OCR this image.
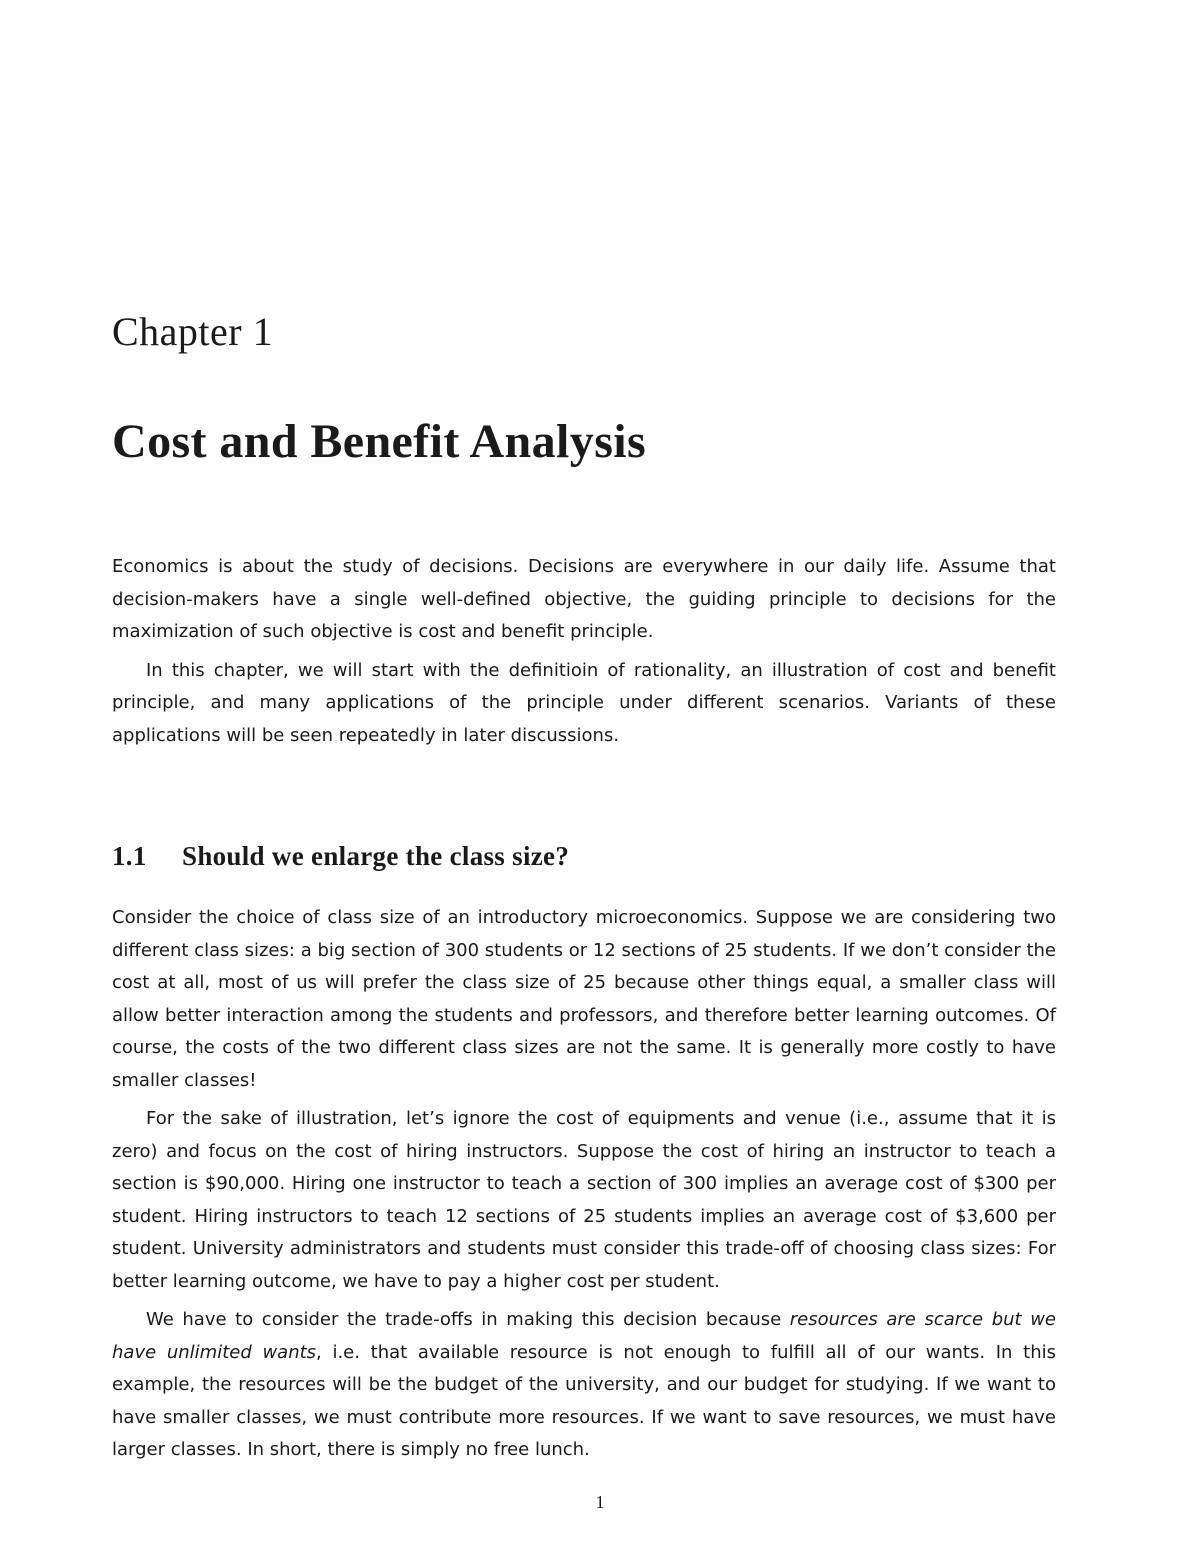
Chapter 1
Cost and Benefit Analysis

Economics is about the study of decisions. Decisions are everywhere in our daily life. Assume that decision-makers have a single well-defined objective, the guiding principle to decisions for the maximization of such objective is cost and benefit principle.

In this chapter, we will start with the definitioin of rationality, an illustration of cost and benefit principle, and many applications of the principle under different scenarios. Variants of these applications will be seen repeatedly in later discussions.

1.1 Should we enlarge the class size?

Consider the choice of class size of an introductory microeconomics. Suppose we are considering two different class sizes: a big section of 300 students or 12 sections of 25 students. If we don’t consider the cost at all, most of us will prefer the class size of 25 because other things equal, a smaller class will allow better interaction among the students and professors, and therefore better learning outcomes. Of course, the costs of the two different class sizes are not the same. It is generally more costly to have smaller classes!

For the sake of illustration, let’s ignore the cost of equipments and venue (i.e., assume that it is zero) and focus on the cost of hiring instructors. Suppose the cost of hiring an instructor to teach a section is $90,000. Hiring one instructor to teach a section of 300 implies an average cost of $300 per student. Hiring instructors to teach 12 sections of 25 students implies an average cost of $3,600 per student. University administrators and students must consider this trade-off of choosing class sizes: For better learning outcome, we have to pay a higher cost per student.

We have to consider the trade-offs in making this decision because resources are scarce but we have unlimited wants, i.e. that available resource is not enough to fulfill all of our wants. In this example, the resources will be the budget of the university, and our budget for studying. If we want to have smaller classes, we must contribute more resources. If we want to save resources, we must have larger classes. In short, there is simply no free lunch.

1
